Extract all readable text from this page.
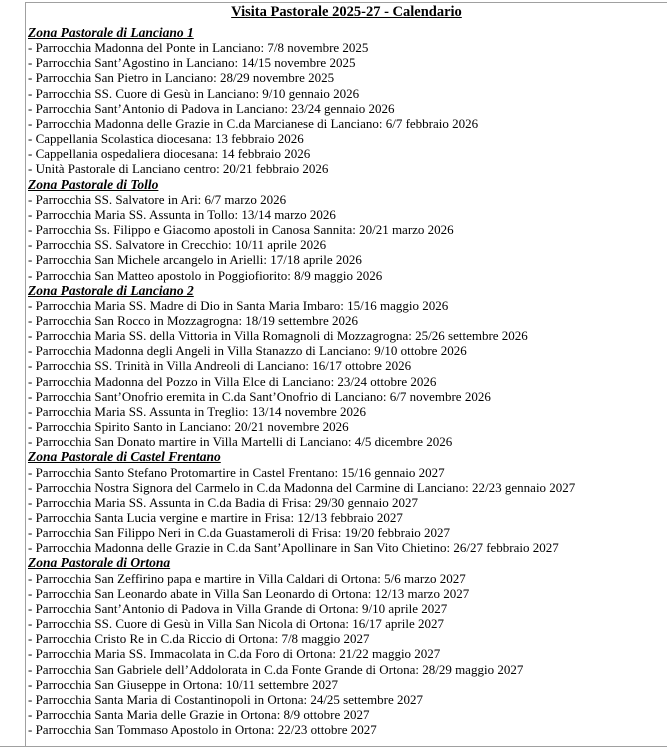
Visita Pastorale 2025-27 - Calendario
Zona Pastorale di Lanciano 1
- Parrocchia Madonna del Ponte in Lanciano: 7/8 novembre 2025
- Parrocchia Sant’Agostino in Lanciano: 14/15 novembre 2025
- Parrocchia San Pietro in Lanciano: 28/29 novembre 2025
- Parrocchia SS. Cuore di Gesù in Lanciano: 9/10 gennaio 2026
- Parrocchia Sant’Antonio di Padova in Lanciano: 23/24 gennaio 2026
- Parrocchia Madonna delle Grazie in C.da Marcianese di Lanciano: 6/7 febbraio 2026
- Cappellania Scolastica diocesana: 13 febbraio 2026
- Cappellania ospedaliera diocesana: 14 febbraio 2026
- Unità Pastorale di Lanciano centro: 20/21 febbraio 2026
Zona Pastorale di Tollo
- Parrocchia SS. Salvatore in Ari: 6/7 marzo 2026
- Parrocchia Maria SS. Assunta in Tollo: 13/14 marzo 2026
- Parrocchia Ss. Filippo e Giacomo apostoli in Canosa Sannita: 20/21 marzo 2026
- Parrocchia SS. Salvatore in Crecchio: 10/11 aprile 2026
- Parrocchia San Michele arcangelo in Arielli: 17/18 aprile 2026
- Parrocchia San Matteo apostolo in Poggiofiorito: 8/9 maggio 2026
Zona Pastorale di Lanciano 2
- Parrocchia Maria SS. Madre di Dio in Santa Maria Imbaro: 15/16 maggio 2026
- Parrocchia San Rocco in Mozzagrogna: 18/19 settembre 2026
- Parrocchia Maria SS. della Vittoria in Villa Romagnoli di Mozzagrogna: 25/26 settembre 2026
- Parrocchia Madonna degli Angeli in Villa Stanazzo di Lanciano: 9/10 ottobre 2026
- Parrocchia SS. Trinità in Villa Andreoli di Lanciano: 16/17 ottobre 2026
- Parrocchia Madonna del Pozzo in Villa Elce di Lanciano: 23/24 ottobre 2026
- Parrocchia Sant’Onofrio eremita in C.da Sant’Onofrio di Lanciano: 6/7 novembre 2026
- Parrocchia Maria SS. Assunta in Treglio: 13/14 novembre 2026
- Parrocchia Spirito Santo in Lanciano: 20/21 novembre 2026
- Parrocchia San Donato martire in Villa Martelli di Lanciano: 4/5 dicembre 2026
Zona Pastorale di Castel Frentano
- Parrocchia Santo Stefano Protomartire in Castel Frentano: 15/16 gennaio 2027
- Parrocchia Nostra Signora del Carmelo in C.da Madonna del Carmine di Lanciano: 22/23 gennaio 2027
- Parrocchia Maria SS. Assunta in C.da Badia di Frisa: 29/30 gennaio 2027
- Parrocchia Santa Lucia vergine e martire in Frisa: 12/13 febbraio 2027
- Parrocchia San Filippo Neri in C.da Guastameroli di Frisa: 19/20 febbraio 2027
- Parrocchia Madonna delle Grazie in C.da Sant’Apollinare in San Vito Chietino: 26/27 febbraio 2027
Zona Pastorale di Ortona
- Parrocchia San Zeffirino papa e martire in Villa Caldari di Ortona: 5/6 marzo 2027
- Parrocchia San Leonardo abate in Villa San Leonardo di Ortona: 12/13 marzo 2027
- Parrocchia Sant’Antonio di Padova in Villa Grande di Ortona: 9/10 aprile 2027
- Parrocchia SS. Cuore di Gesù in Villa San Nicola di Ortona: 16/17 aprile 2027
- Parrocchia Cristo Re in C.da Riccio di Ortona: 7/8 maggio 2027
- Parrocchia Maria SS. Immacolata in C.da Foro di Ortona: 21/22 maggio 2027
- Parrocchia San Gabriele dell’Addolorata in C.da Fonte Grande di Ortona: 28/29 maggio 2027
- Parrocchia San Giuseppe in Ortona: 10/11 settembre 2027
- Parrocchia Santa Maria di Costantinopoli in Ortona: 24/25 settembre 2027
- Parrocchia Santa Maria delle Grazie in Ortona: 8/9 ottobre 2027
- Parrocchia San Tommaso Apostolo in Ortona: 22/23 ottobre 2027
